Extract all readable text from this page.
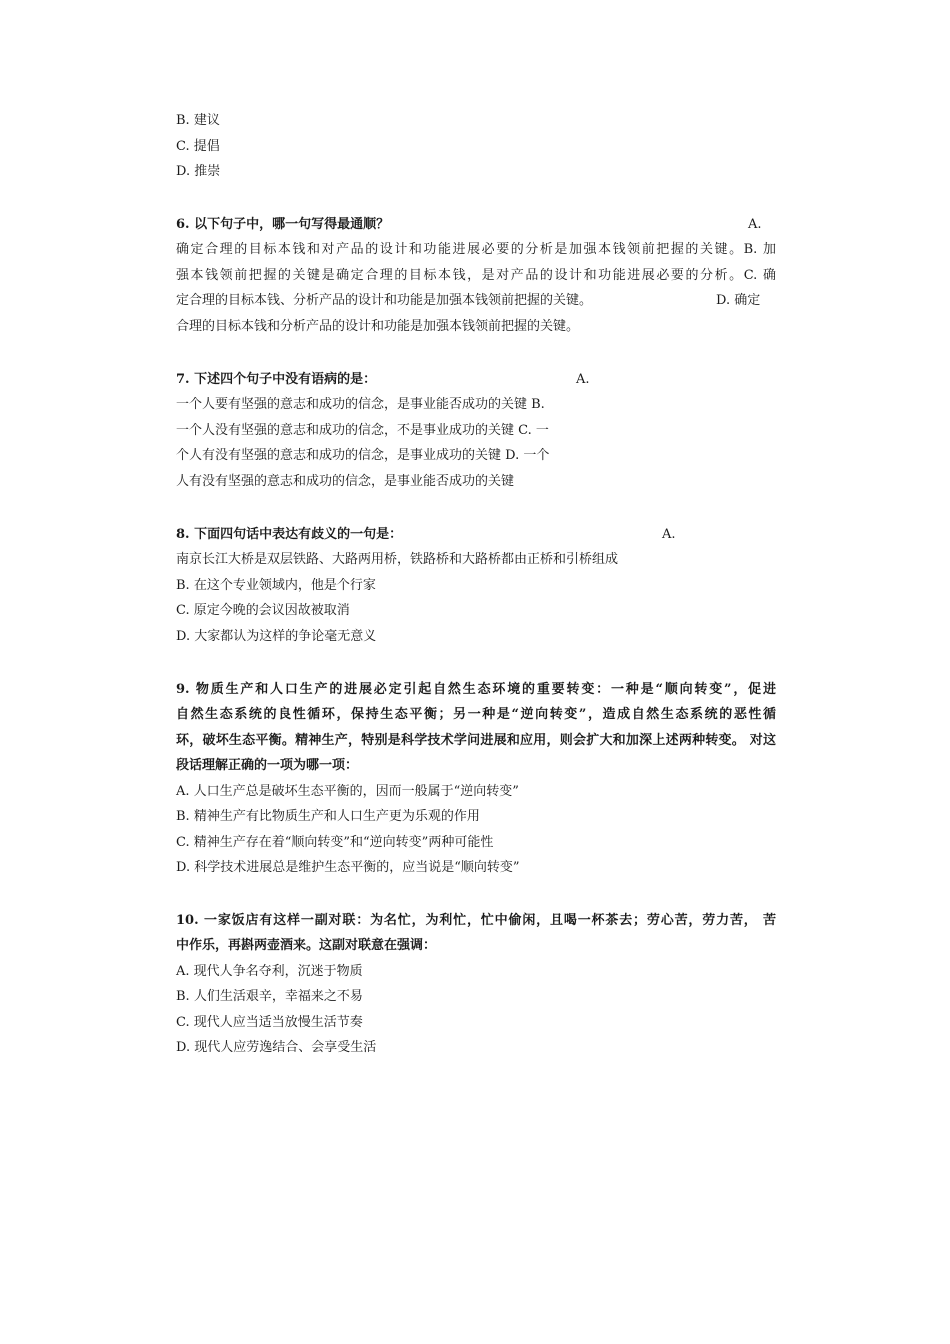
B. 建议
C. 提倡
D. 推崇
6. 以下句子中，哪一句写得最通顺？	A.
确定合理的目标本钱和对产品的设计和功能进展必要的分析是加强本钱领前把握的关键。B. 加
强本钱领前把握的关键是确定合理的目标本钱，是对产品的设计和功能进展必要的分析。C. 确
定合理的目标本钱、分析产品的设计和功能是加强本钱领前把握的关键。	D. 确定
合理的目标本钱和分析产品的设计和功能是加强本钱领前把握的关键。
7. 下述四个句子中没有语病的是：	A.
一个人要有坚强的意志和成功的信念，是事业能否成功的关键 B.
一个人没有坚强的意志和成功的信念，不是事业成功的关键 C. 一
个人有没有坚强的意志和成功的信念，是事业成功的关键 D. 一个
人有没有坚强的意志和成功的信念，是事业能否成功的关键
8. 下面四句话中表达有歧义的一句是：	A.
南京长江大桥是双层铁路、大路两用桥，铁路桥和大路桥都由正桥和引桥组成
B. 在这个专业领域内，他是个行家
C. 原定今晚的会议因故被取消
D. 大家都认为这样的争论毫无意义
9. 物质生产和人口生产的进展必定引起自然生态环境的重要转变：一种是“顺向转变”，促进
自然生态系统的良性循环，保持生态平衡；另一种是“逆向转变”，造成自然生态系统的恶性循
环，破坏生态平衡。精神生产，特别是科学技术学问进展和应用，则会扩大和加深上述两种转变。 对这
段话理解正确的一项为哪一项：
A. 人口生产总是破坏生态平衡的，因而一般属于“逆向转变”
B. 精神生产有比物质生产和人口生产更为乐观的作用
C. 精神生产存在着“顺向转变”和“逆向转变”两种可能性
D. 科学技术进展总是维护生态平衡的，应当说是“顺向转变”
10. 一家饭店有这样一副对联：为名忙，为利忙，忙中偷闲，且喝一杯茶去；劳心苦，劳力苦， 苦
中作乐，再斟两壶酒来。这副对联意在强调：
A. 现代人争名夺利，沉迷于物质
B. 人们生活艰辛，幸福来之不易
C. 现代人应当适当放慢生活节奏
D. 现代人应劳逸结合、会享受生活
